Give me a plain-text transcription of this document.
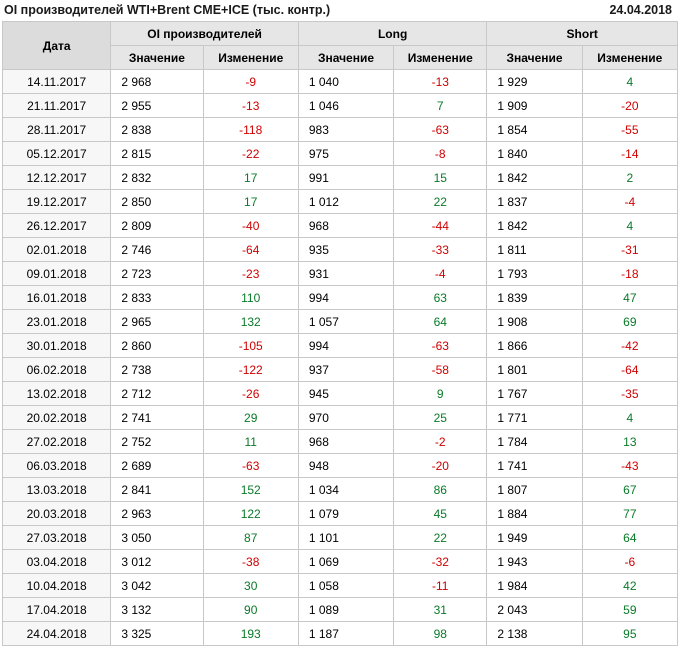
OI производителей WTI+Brent CME+ICE (тыс. контр.)	24.04.2018
Дата	OI производителей		Long		Short	
	Значение	Изменение	Значение	Изменение	Значение	Изменение
14.11.2017	2 968	-9	1 040	-13	1 929	4
21.11.2017	2 955	-13	1 046	7	1 909	-20
28.11.2017	2 838	-118	983	-63	1 854	-55
05.12.2017	2 815	-22	975	-8	1 840	-14
12.12.2017	2 832	17	991	15	1 842	2
19.12.2017	2 850	17	1 012	22	1 837	-4
26.12.2017	2 809	-40	968	-44	1 842	4
02.01.2018	2 746	-64	935	-33	1 811	-31
09.01.2018	2 723	-23	931	-4	1 793	-18
16.01.2018	2 833	110	994	63	1 839	47
23.01.2018	2 965	132	1 057	64	1 908	69
30.01.2018	2 860	-105	994	-63	1 866	-42
06.02.2018	2 738	-122	937	-58	1 801	-64
13.02.2018	2 712	-26	945	9	1 767	-35
20.02.2018	2 741	29	970	25	1 771	4
27.02.2018	2 752	11	968	-2	1 784	13
06.03.2018	2 689	-63	948	-20	1 741	-43
13.03.2018	2 841	152	1 034	86	1 807	67
20.03.2018	2 963	122	1 079	45	1 884	77
27.03.2018	3 050	87	1 101	22	1 949	64
03.04.2018	3 012	-38	1 069	-32	1 943	-6
10.04.2018	3 042	30	1 058	-11	1 984	42
17.04.2018	3 132	90	1 089	31	2 043	59
24.04.2018	3 325	193	1 187	98	2 138	95
